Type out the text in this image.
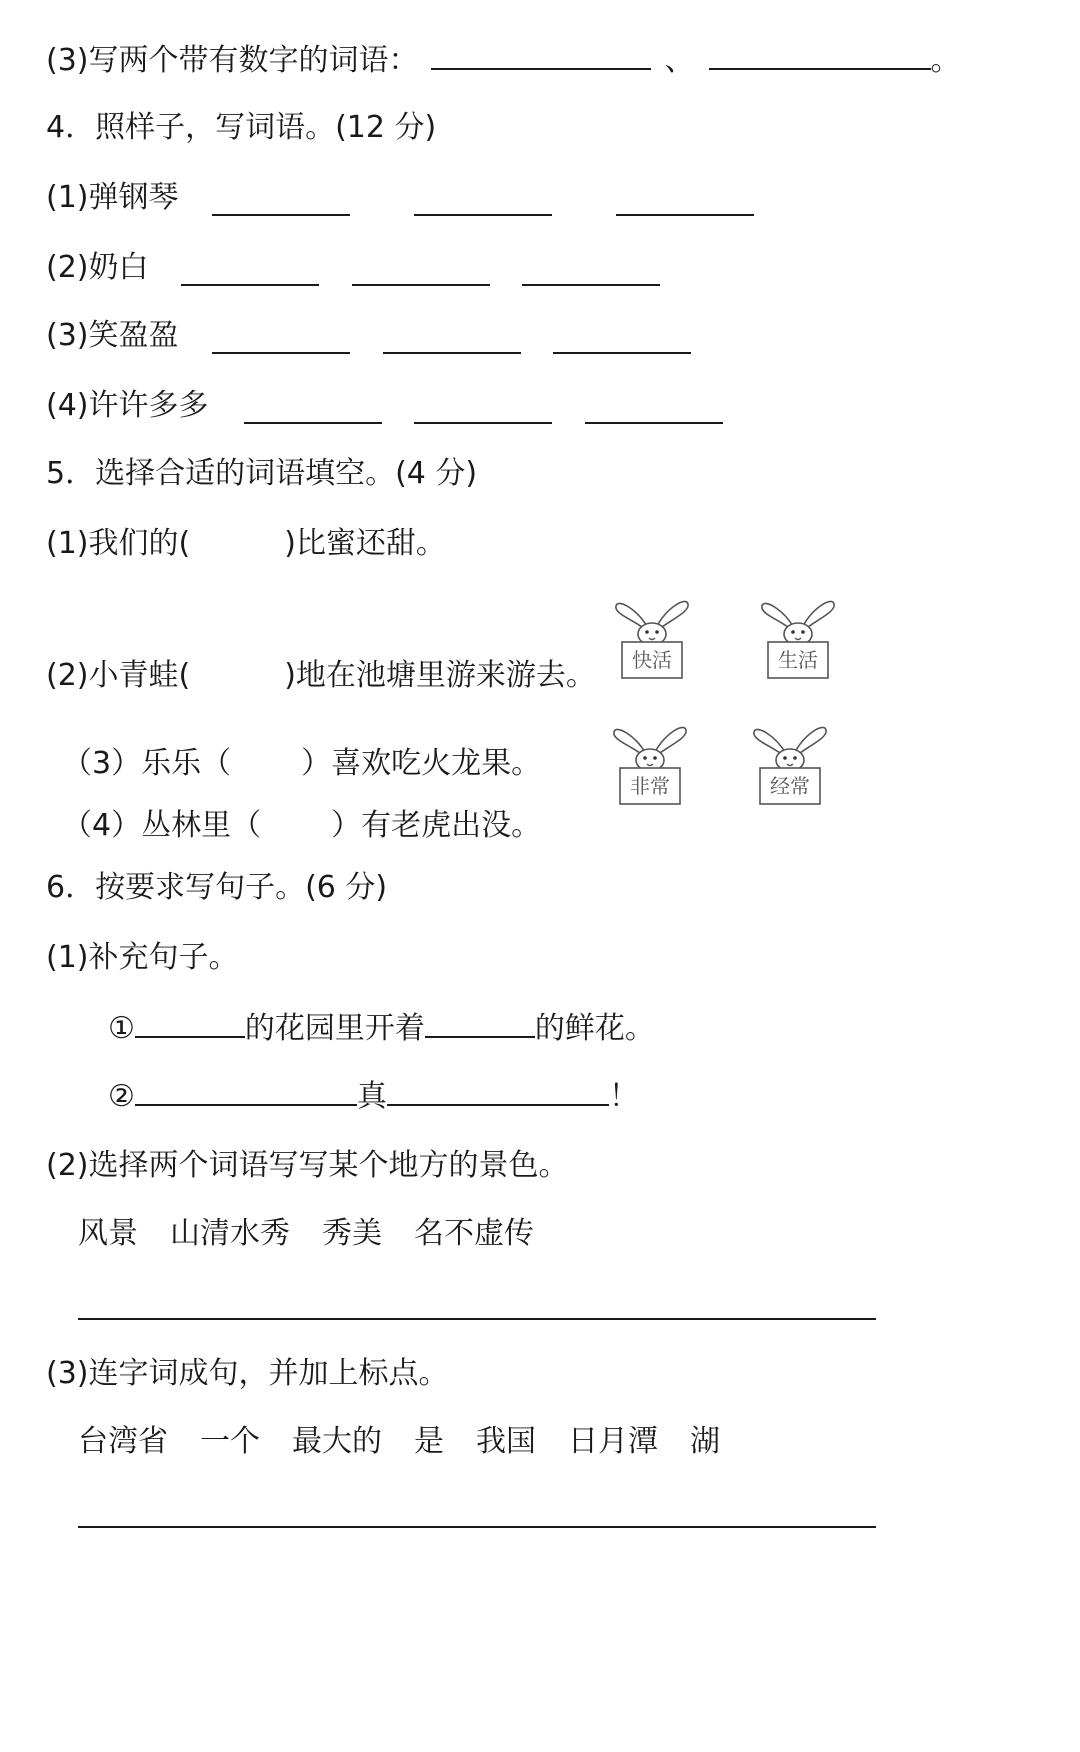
(3)写两个带有数字的词语：	、	。
4．照样子，写词语。(12 分)
(1)弹钢琴
(2)奶白
(3)笑盈盈
(4)许许多多
5．选择合适的词语填空。(4 分)
(1)我们的(	)比蜜还甜。
(2)小青蛙(	)地在池塘里游来游去。
（3）乐乐（ ）喜欢吃火龙果。
（4）丛林里（ ）有老虎出没。
快活	生活
非常	经常
6．按要求写句子。(6 分)
(1)补充句子。
①	的花园里开着	的鲜花。
②	真	！
(2)选择两个词语写写某个地方的景色。
风景 山清水秀 秀美 名不虚传
(3)连字词成句，并加上标点。
台湾省 一个 最大的 是 我国 日月潭 湖
